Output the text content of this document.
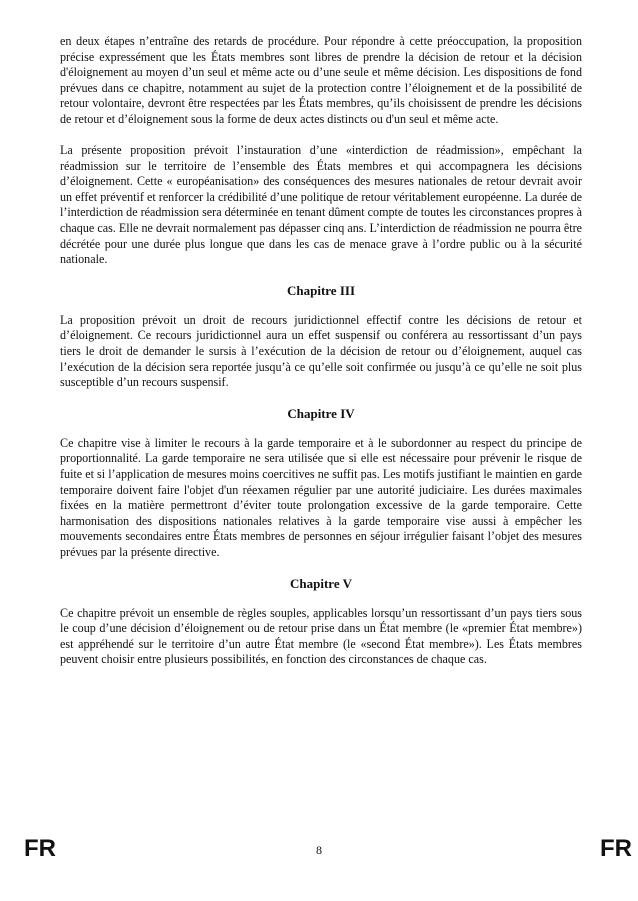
en deux étapes n’entraîne des retards de procédure. Pour répondre à cette préoccupation, la proposition précise expressément que les États membres sont libres de prendre la décision de retour et la décision d'éloignement au moyen d’un seul et même acte ou d’une seule et même décision. Les dispositions de fond prévues dans ce chapitre, notamment au sujet de la protection contre l’éloignement et de la possibilité de retour volontaire, devront être respectées par les États membres, qu’ils choisissent de prendre les décisions de retour et d’éloignement sous la forme de deux actes distincts ou d'un seul et même acte.

La présente proposition prévoit l’instauration d’une «interdiction de réadmission», empêchant la réadmission sur le territoire de l’ensemble des États membres et qui accompagnera les décisions d’éloignement. Cette « européanisation» des conséquences des mesures nationales de retour devrait avoir un effet préventif et renforcer la crédibilité d’une politique de retour véritablement européenne. La durée de l’interdiction de réadmission sera déterminée en tenant dûment compte de toutes les circonstances propres à chaque cas. Elle ne devrait normalement pas dépasser cinq ans. L’interdiction de réadmission ne pourra être décrétée pour une durée plus longue que dans les cas de menace grave à l’ordre public ou à la sécurité nationale.

Chapitre III

La proposition prévoit un droit de recours juridictionnel effectif contre les décisions de retour et d’éloignement. Ce recours juridictionnel aura un effet suspensif ou conférera au ressortissant d’un pays tiers le droit de demander le sursis à l’exécution de la décision de retour ou d’éloignement, auquel cas l’exécution de la décision sera reportée jusqu’à ce qu’elle soit confirmée ou jusqu’à ce qu’elle ne soit plus susceptible d’un recours suspensif.

Chapitre IV

Ce chapitre vise à limiter le recours à la garde temporaire et à le subordonner au respect du principe de proportionnalité. La garde temporaire ne sera utilisée que si elle est nécessaire pour prévenir le risque de fuite et si l’application de mesures moins coercitives ne suffit pas. Les motifs justifiant le maintien en garde temporaire doivent faire l'objet d'un réexamen régulier par une autorité judiciaire. Les durées maximales fixées en la matière permettront d’éviter toute prolongation excessive de la garde temporaire. Cette harmonisation des dispositions nationales relatives à la garde temporaire vise aussi à empêcher les mouvements secondaires entre États membres de personnes en séjour irrégulier faisant l’objet des mesures prévues par la présente directive.

Chapitre V

Ce chapitre prévoit un ensemble de règles souples, applicables lorsqu’un ressortissant d’un pays tiers sous le coup d’une décision d’éloignement ou de retour prise dans un État membre (le «premier État membre») est appréhendé sur le territoire d’un autre État membre (le «second État membre»). Les États membres peuvent choisir entre plusieurs possibilités, en fonction des circonstances de chaque cas.

FR	8	FR
